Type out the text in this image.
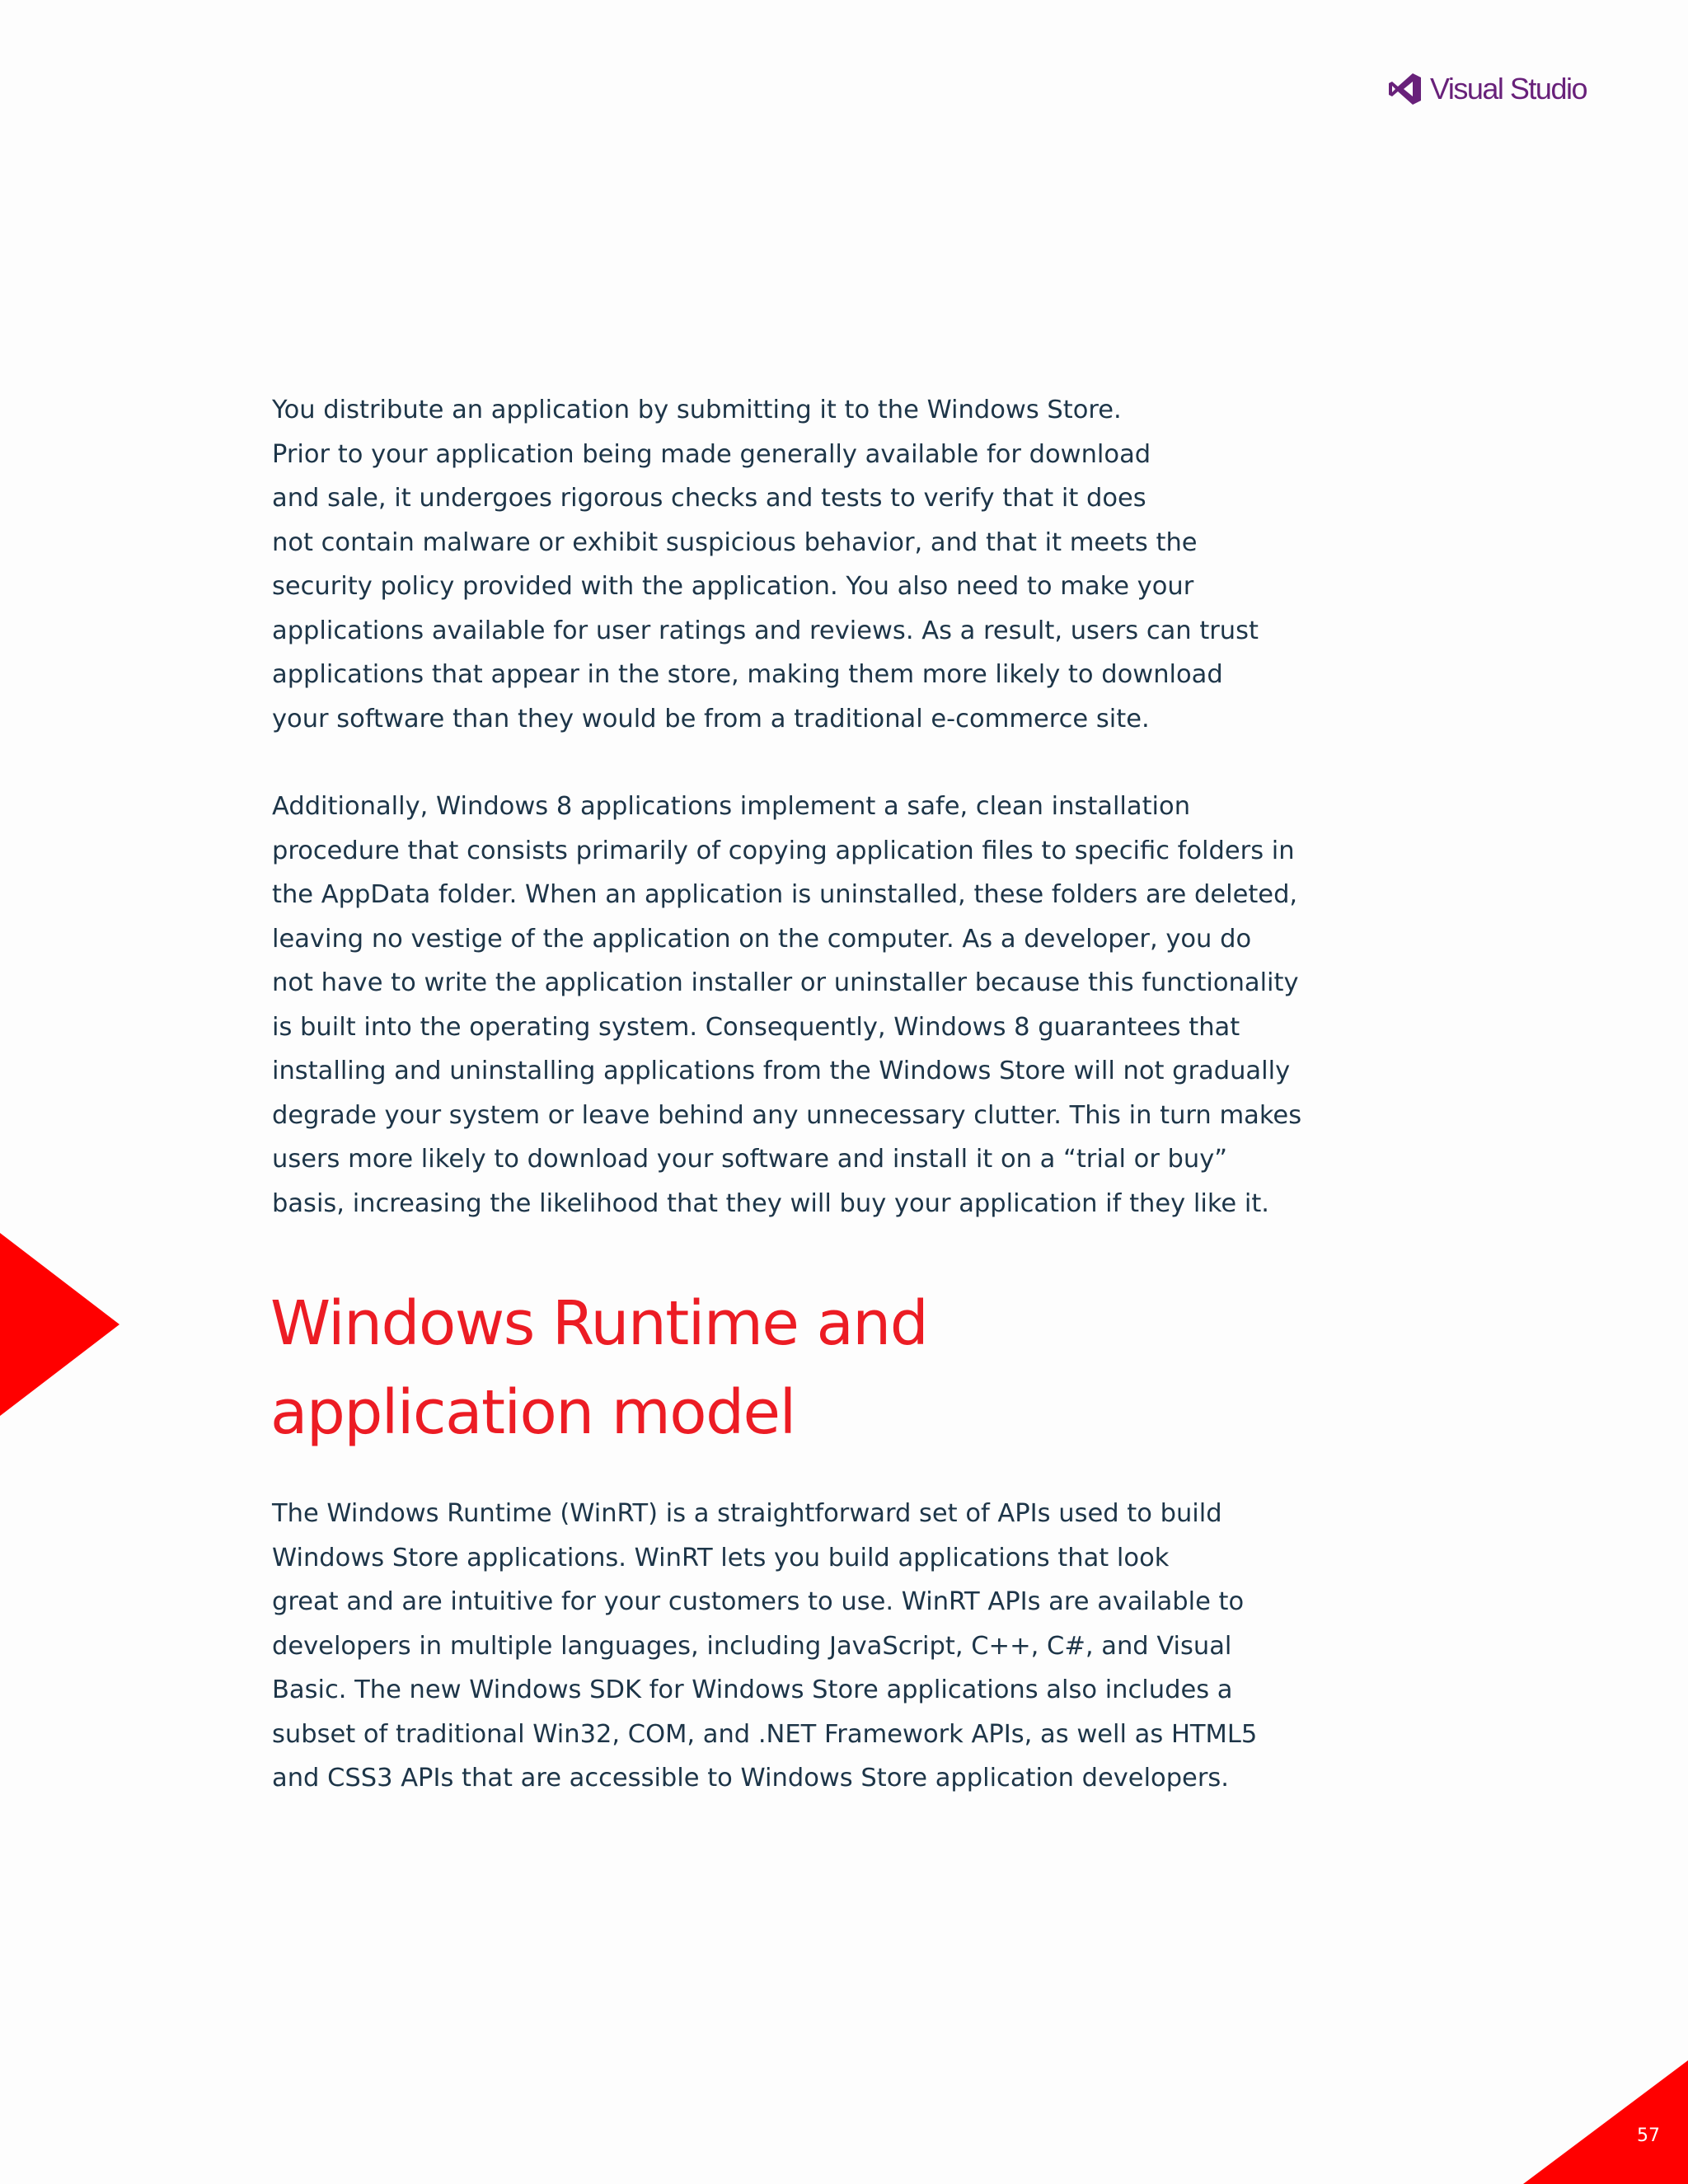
Visual Studio

You distribute an application by submitting it to the Windows Store.
Prior to your application being made generally available for download
and sale, it undergoes rigorous checks and tests to verify that it does
not contain malware or exhibit suspicious behavior, and that it meets the
security policy provided with the application. You also need to make your
applications available for user ratings and reviews. As a result, users can trust
applications that appear in the store, making them more likely to download
your software than they would be from a traditional e-commerce site.

Additionally, Windows 8 applications implement a safe, clean installation
procedure that consists primarily of copying application files to specific folders in
the AppData folder. When an application is uninstalled, these folders are deleted,
leaving no vestige of the application on the computer. As a developer, you do
not have to write the application installer or uninstaller because this functionality
is built into the operating system. Consequently, Windows 8 guarantees that
installing and uninstalling applications from the Windows Store will not gradually
degrade your system or leave behind any unnecessary clutter. This in turn makes
users more likely to download your software and install it on a “trial or buy”
basis, increasing the likelihood that they will buy your application if they like it.

Windows Runtime and
application model

The Windows Runtime (WinRT) is a straightforward set of APIs used to build
Windows Store applications. WinRT lets you build applications that look
great and are intuitive for your customers to use. WinRT APIs are available to
developers in multiple languages, including JavaScript, C++, C#, and Visual
Basic. The new Windows SDK for Windows Store applications also includes a
subset of traditional Win32, COM, and .NET Framework APIs, as well as HTML5
and CSS3 APIs that are accessible to Windows Store application developers.

57
